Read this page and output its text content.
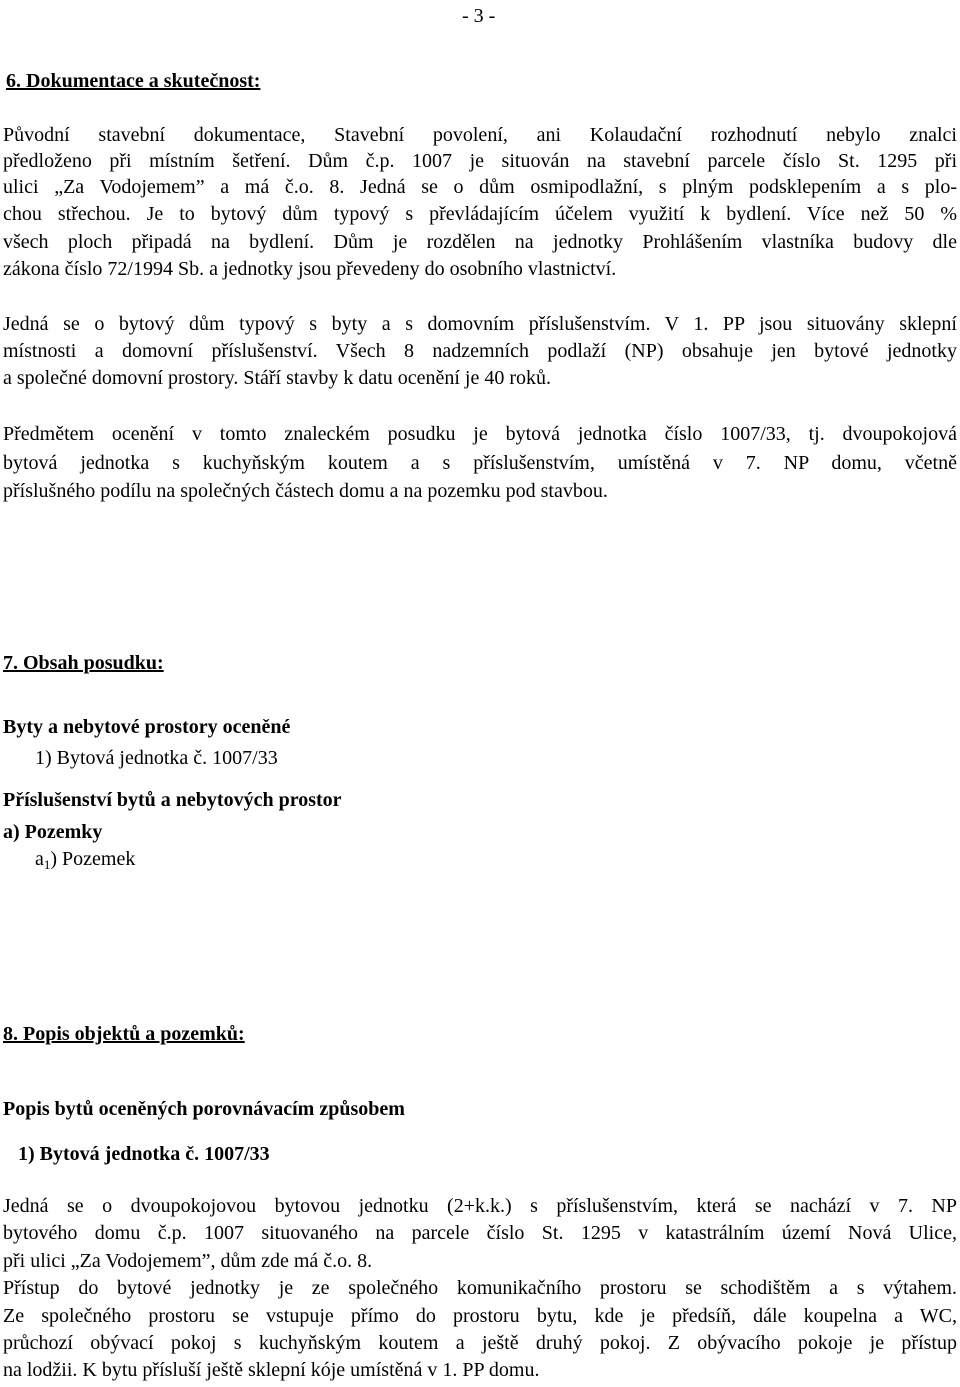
- 3 -
6. Dokumentace a skutečnost:
Původní stavební dokumentace, Stavební povolení, ani Kolaudační rozhodnutí nebylo znalci
předloženo při místním šetření. Dům č.p. 1007 je situován na stavební parcele číslo St. 1295 při
ulici „Za Vodojemem” a má č.o. 8. Jedná se o dům osmipodlažní, s plným podsklepením a s plo-
chou střechou. Je to bytový dům typový s převládajícím účelem využití k bydlení. Více než 50 %
všech ploch připadá na bydlení. Dům je rozdělen na jednotky Prohlášením vlastníka budovy dle
zákona číslo 72/1994 Sb. a jednotky jsou převedeny do osobního vlastnictví.
Jedná se o bytový dům typový s byty a s domovním příslušenstvím. V 1. PP jsou situovány sklepní
místnosti a domovní příslušenství. Všech 8 nadzemních podlaží (NP) obsahuje jen bytové jednotky
a společné domovní prostory. Stáří stavby k datu ocenění je 40 roků.
Předmětem ocenění v tomto znaleckém posudku je bytová jednotka číslo 1007/33, tj. dvoupokojová
bytová jednotka s kuchyňským koutem a s příslušenstvím, umístěná v 7. NP domu, včetně
příslušného podílu na společných částech domu a na pozemku pod stavbou.
7. Obsah posudku:
Byty a nebytové prostory oceněné
1) Bytová jednotka č. 1007/33
Příslušenství bytů a nebytových prostor
a) Pozemky
$a_1$) Pozemek
8. Popis objektů a pozemků:
Popis bytů oceněných porovnávacím způsobem
1) Bytová jednotka č. 1007/33
Jedná se o dvoupokojovou bytovou jednotku (2+k.k.) s příslušenstvím, která se nachází v 7. NP
bytového domu č.p. 1007 situovaného na parcele číslo St. 1295 v katastrálním území Nová Ulice,
při ulici „Za Vodojemem”, dům zde má č.o. 8.
Přístup do bytové jednotky je ze společného komunikačního prostoru se schodištěm a s výtahem.
Ze společného prostoru se vstupuje přímo do prostoru bytu, kde je předsíň, dále koupelna a WC,
průchozí obývací pokoj s kuchyňským koutem a ještě druhý pokoj. Z obývacího pokoje je přístup
na lodžii. K bytu přísluší ještě sklepní kóje umístěná v 1. PP domu.
